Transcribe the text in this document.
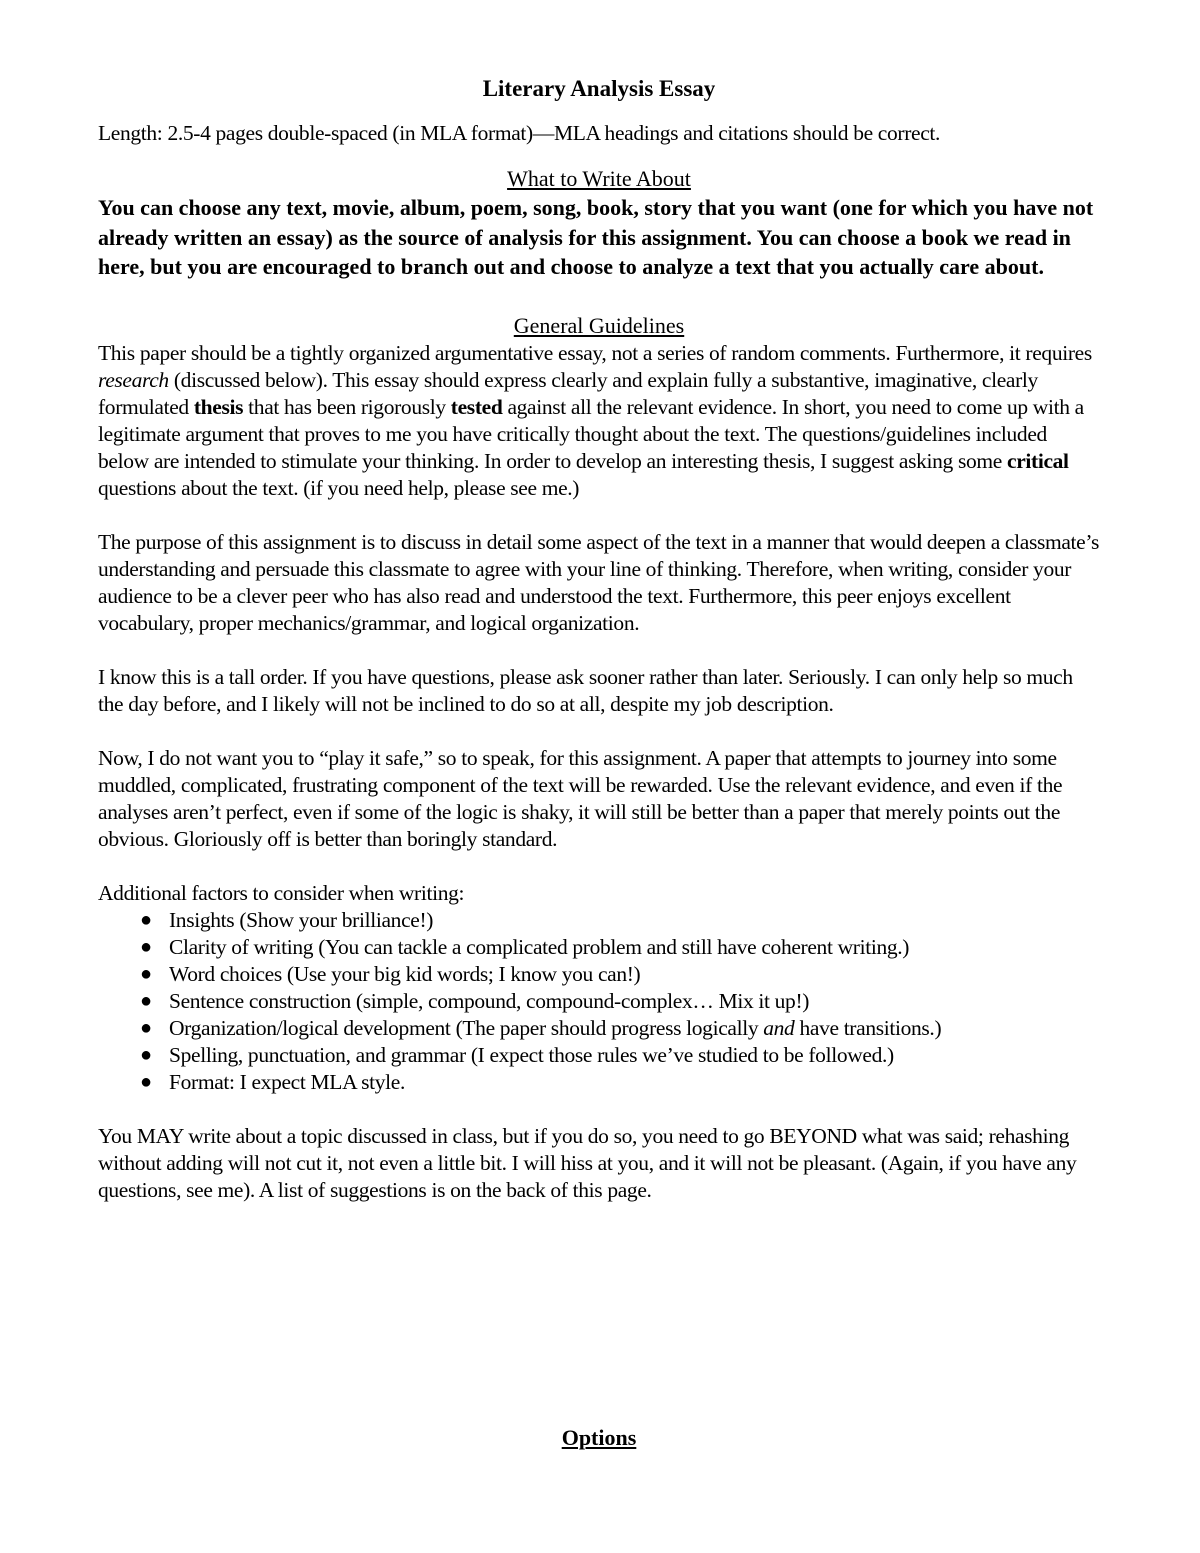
Literary Analysis Essay
Length: 2.5-4 pages double-spaced (in MLA format)—MLA headings and citations should be correct.
What to Write About
You can choose any text, movie, album, poem, song, book, story that you want (one for which you have not already written an essay) as the source of analysis for this assignment. You can choose a book we read in here, but you are encouraged to branch out and choose to analyze a text that you actually care about.
General Guidelines
This paper should be a tightly organized argumentative essay, not a series of random comments. Furthermore, it requires research (discussed below). This essay should express clearly and explain fully a substantive, imaginative, clearly formulated thesis that has been rigorously tested against all the relevant evidence. In short, you need to come up with a legitimate argument that proves to me you have critically thought about the text. The questions/guidelines included below are intended to stimulate your thinking. In order to develop an interesting thesis, I suggest asking some critical questions about the text. (if you need help, please see me.)
The purpose of this assignment is to discuss in detail some aspect of the text in a manner that would deepen a classmate’s understanding and persuade this classmate to agree with your line of thinking. Therefore, when writing, consider your audience to be a clever peer who has also read and understood the text. Furthermore, this peer enjoys excellent vocabulary, proper mechanics/grammar, and logical organization.
I know this is a tall order. If you have questions, please ask sooner rather than later. Seriously. I can only help so much the day before, and I likely will not be inclined to do so at all, despite my job description.
Now, I do not want you to “play it safe,” so to speak, for this assignment. A paper that attempts to journey into some muddled, complicated, frustrating component of the text will be rewarded. Use the relevant evidence, and even if the analyses aren’t perfect, even if some of the logic is shaky, it will still be better than a paper that merely points out the obvious. Gloriously off is better than boringly standard.
Additional factors to consider when writing:
● Insights (Show your brilliance!)
● Clarity of writing (You can tackle a complicated problem and still have coherent writing.)
● Word choices (Use your big kid words; I know you can!)
● Sentence construction (simple, compound, compound-complex… Mix it up!)
● Organization/logical development (The paper should progress logically and have transitions.)
● Spelling, punctuation, and grammar (I expect those rules we’ve studied to be followed.)
● Format: I expect MLA style.
You MAY write about a topic discussed in class, but if you do so, you need to go BEYOND what was said; rehashing without adding will not cut it, not even a little bit. I will hiss at you, and it will not be pleasant. (Again, if you have any questions, see me). A list of suggestions is on the back of this page.
Options
